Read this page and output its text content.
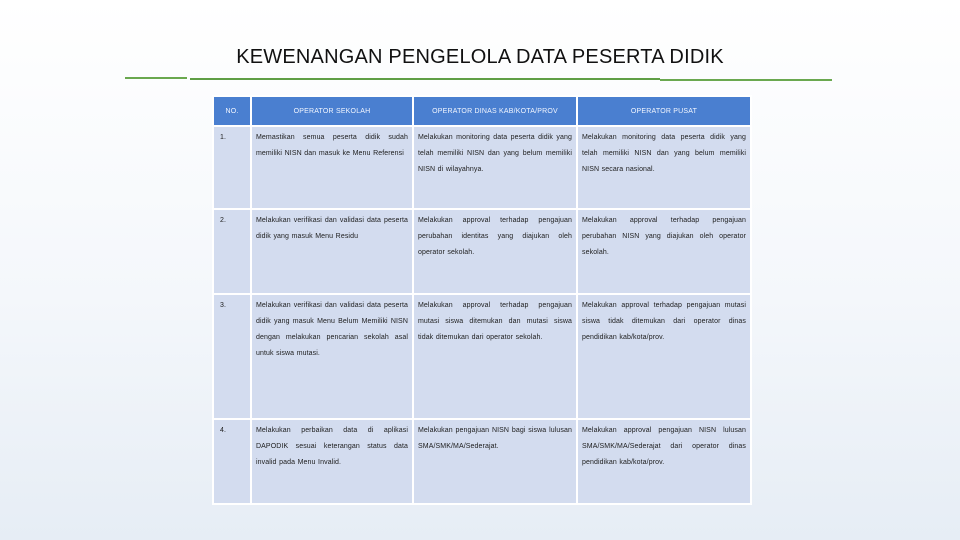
KEWENANGAN PENGELOLA DATA PESERTA DIDIK
NO.	OPERATOR SEKOLAH	OPERATOR DINAS KAB/KOTA/PROV	OPERATOR PUSAT
1.	Memastikan semua peserta didik sudah memiliki NISN dan masuk ke Menu Referensi	Melakukan monitoring data peserta didik yang telah memiliki NISN dan yang belum memiliki NISN di wilayahnya.	Melakukan monitoring data peserta didik yang telah memiliki NISN dan yang belum memiliki NISN secara nasional.
2.	Melakukan verifikasi dan validasi data peserta didik yang masuk Menu Residu	Melakukan approval terhadap pengajuan perubahan identitas yang diajukan oleh operator sekolah.	Melakukan approval terhadap pengajuan perubahan NISN yang diajukan oleh operator sekolah.
3.	Melakukan verifikasi dan validasi data peserta didik yang masuk Menu Belum Memiliki NISN dengan melakukan pencarian sekolah asal untuk siswa mutasi.	Melakukan approval terhadap pengajuan mutasi siswa ditemukan dan mutasi siswa tidak ditemukan dari operator sekolah.	Melakukan approval terhadap pengajuan mutasi siswa tidak ditemukan dari operator dinas pendidikan kab/kota/prov.
4.	Melakukan perbaikan data di aplikasi DAPODIK sesuai keterangan status data invalid pada Menu Invalid.	Melakukan pengajuan NISN bagi siswa lulusan SMA/SMK/MA/Sederajat.	Melakukan approval pengajuan NISN lulusan SMA/SMK/MA/Sederajat dari operator dinas pendidikan kab/kota/prov.
